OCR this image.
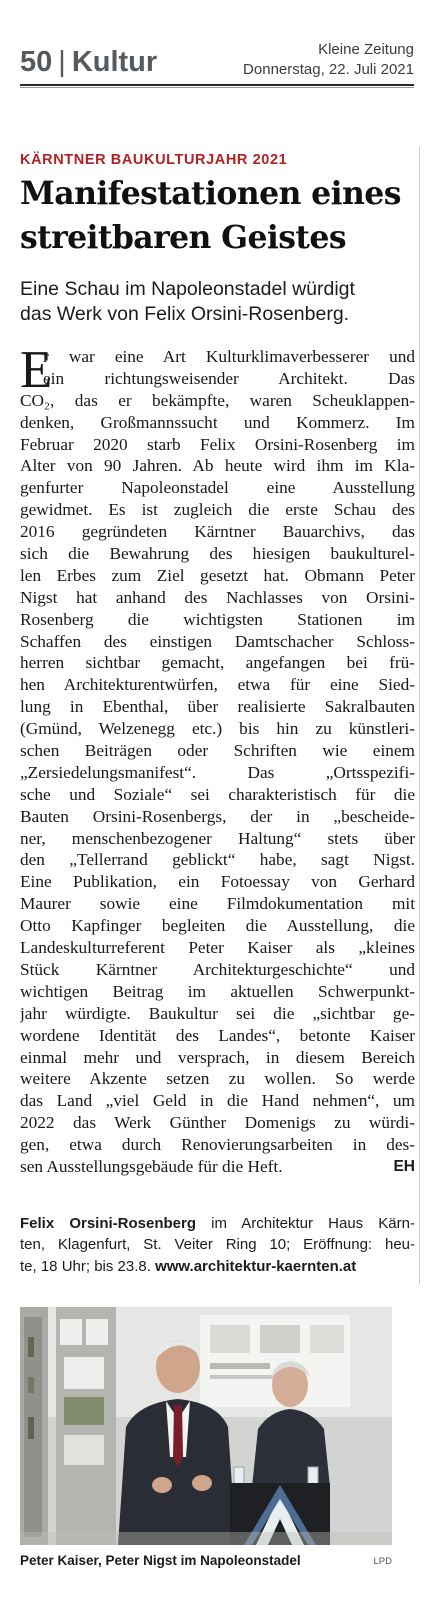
50 | Kultur	Kleine Zeitung
Donnerstag, 22. Juli 2021
KÄRNTNER BAUKULTURJAHR 2021
Manifestationen eines
streitbaren Geistes

Eine Schau im Napoleonstadel würdigt
das Werk von Felix Orsini-Rosenberg.

E
r war eine Art Kulturklimaverbesserer und
ein richtungsweisender Architekt. Das
CO₂, das er bekämpfte, waren Scheuklappen-
denken, Großmannssucht und Kommerz. Im
Februar 2020 starb Felix Orsini-Rosenberg im
Alter von 90 Jahren. Ab heute wird ihm im Kla-
genfurter Napoleonstadel eine Ausstellung
gewidmet. Es ist zugleich die erste Schau des
2016 gegründeten Kärntner Bauarchivs, das
sich die Bewahrung des hiesigen baukulturel-
len Erbes zum Ziel gesetzt hat. Obmann Peter
Nigst hat anhand des Nachlasses von Orsini-
Rosenberg die wichtigsten Stationen im
Schaffen des einstigen Damtschacher Schloss-
herren sichtbar gemacht, angefangen bei frü-
hen Architekturentwürfen, etwa für eine Sied-
lung in Ebenthal, über realisierte Sakralbauten
(Gmünd, Welzenegg etc.) bis hin zu künstleri-
schen Beiträgen oder Schriften wie einem
„Zersiedelungsmanifest“. Das „Ortsspezifi-
sche und Soziale“ sei charakteristisch für die
Bauten Orsini-Rosenbergs, der in „bescheide-
ner, menschenbezogener Haltung“ stets über
den „Tellerrand geblickt“ habe, sagt Nigst.
Eine Publikation, ein Fotoessay von Gerhard
Maurer sowie eine Filmdokumentation mit
Otto Kapfinger begleiten die Ausstellung, die
Landeskulturreferent Peter Kaiser als „kleines
Stück Kärntner Architekturgeschichte“ und
wichtigen Beitrag im aktuellen Schwerpunkt-
jahr würdigte. Baukultur sei die „sichtbar ge-
wordene Identität des Landes“, betonte Kaiser
einmal mehr und versprach, in diesem Bereich
weitere Akzente setzen zu wollen. So werde
das Land „viel Geld in die Hand nehmen“, um
2022 das Werk Günther Domenigs zu würdi-
gen, etwa durch Renovierungsarbeiten in des-
sen Ausstellungsgebäude für die Heft.	EH
Felix Orsini-Rosenberg im Architektur Haus Kärn-
ten, Klagenfurt, St. Veiter Ring 10; Eröffnung: heu-
te, 18 Uhr; bis 23.8. www.architektur-kaernten.at
Peter Kaiser, Peter Nigst im Napoleonstadel	LPD
